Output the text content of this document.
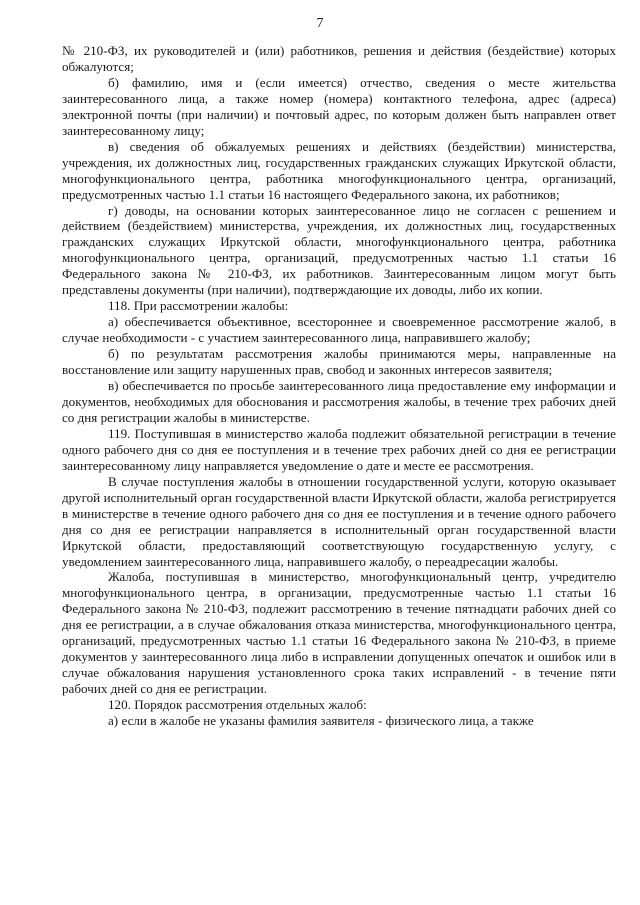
7

№ 210-ФЗ, их руководителей и (или) работников, решения и действия (бездействие) которых обжалуются;

б) фамилию, имя и (если имеется) отчество, сведения о месте жительства заинтересованного лица, а также номер (номера) контактного телефона, адрес (адреса) электронной почты (при наличии) и почтовый адрес, по которым должен быть направлен ответ заинтересованному лицу;

в) сведения об обжалуемых решениях и действиях (бездействии) министерства, учреждения, их должностных лиц, государственных гражданских служащих Иркутской области, многофункционального центра, работника многофункционального центра, организаций, предусмотренных частью 1.1 статьи 16 настоящего Федерального закона, их работников;

г) доводы, на основании которых заинтересованное лицо не согласен с решением и действием (бездействием) министерства, учреждения, их должностных лиц, государственных гражданских служащих Иркутской области, многофункционального центра, работника многофункционального центра, организаций, предусмотренных частью 1.1 статьи 16 Федерального закона № 210-ФЗ, их работников. Заинтересованным лицом могут быть представлены документы (при наличии), подтверждающие их доводы, либо их копии.

118. При рассмотрении жалобы:

а) обеспечивается объективное, всестороннее и своевременное рассмотрение жалоб, в случае необходимости - с участием заинтересованного лица, направившего жалобу;

б) по результатам рассмотрения жалобы принимаются меры, направленные на восстановление или защиту нарушенных прав, свобод и законных интересов заявителя;

в) обеспечивается по просьбе заинтересованного лица предоставление ему информации и документов, необходимых для обоснования и рассмотрения жалобы, в течение трех рабочих дней со дня регистрации жалобы в министерстве.

119. Поступившая в министерство жалоба подлежит обязательной регистрации в течение одного рабочего дня со дня ее поступления и в течение трех рабочих дней со дня ее регистрации заинтересованному лицу направляется уведомление о дате и месте ее рассмотрения.

В случае поступления жалобы в отношении государственной услуги, которую оказывает другой исполнительный орган государственной власти Иркутской области, жалоба регистрируется в министерстве в течение одного рабочего дня со дня ее поступления и в течение одного рабочего дня со дня ее регистрации направляется в исполнительный орган государственной власти Иркутской области, предоставляющий соответствующую государственную услугу, с уведомлением заинтересованного лица, направившего жалобу, о переадресации жалобы.

Жалоба, поступившая в министерство, многофункциональный центр, учредителю многофункционального центра, в организации, предусмотренные частью 1.1 статьи 16 Федерального закона № 210-ФЗ, подлежит рассмотрению в течение пятнадцати рабочих дней со дня ее регистрации, а в случае обжалования отказа министерства, многофункционального центра, организаций, предусмотренных частью 1.1 статьи 16 Федерального закона № 210-ФЗ, в приеме документов у заинтересованного лица либо в исправлении допущенных опечаток и ошибок или в случае обжалования нарушения установленного срока таких исправлений - в течение пяти рабочих дней со дня ее регистрации.

120. Порядок рассмотрения отдельных жалоб:

а) если в жалобе не указаны фамилия заявителя - физического лица, а также
